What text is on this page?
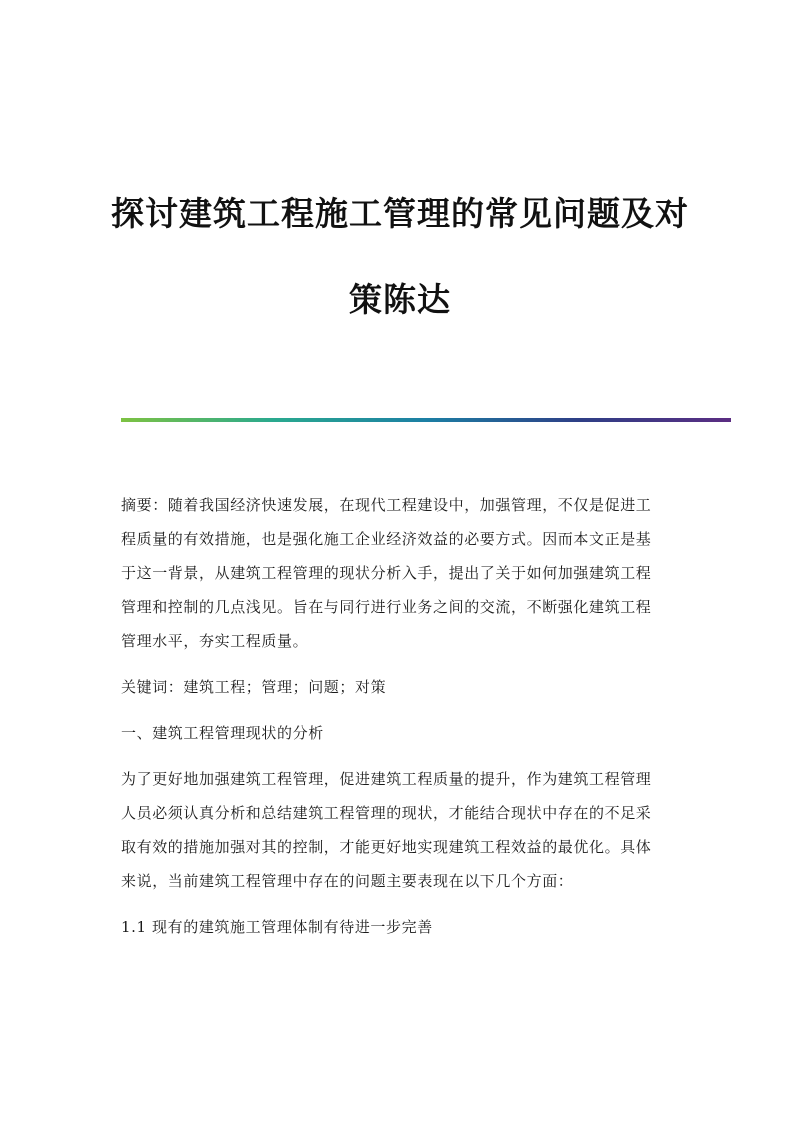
探讨建筑工程施工管理的常见问题及对
策陈达

摘要：随着我国经济快速发展，在现代工程建设中，加强管理，不仅是促进工
程质量的有效措施，也是强化施工企业经济效益的必要方式。因而本文正是基
于这一背景，从建筑工程管理的现状分析入手，提出了关于如何加强建筑工程
管理和控制的几点浅见。旨在与同行进行业务之间的交流，不断强化建筑工程
管理水平，夯实工程质量。

关键词：建筑工程；管理；问题；对策

一、建筑工程管理现状的分析

为了更好地加强建筑工程管理，促进建筑工程质量的提升，作为建筑工程管理
人员必须认真分析和总结建筑工程管理的现状，才能结合现状中存在的不足采
取有效的措施加强对其的控制，才能更好地实现建筑工程效益的最优化。具体
来说，当前建筑工程管理中存在的问题主要表现在以下几个方面：

1.1 现有的建筑施工管理体制有待进一步完善
